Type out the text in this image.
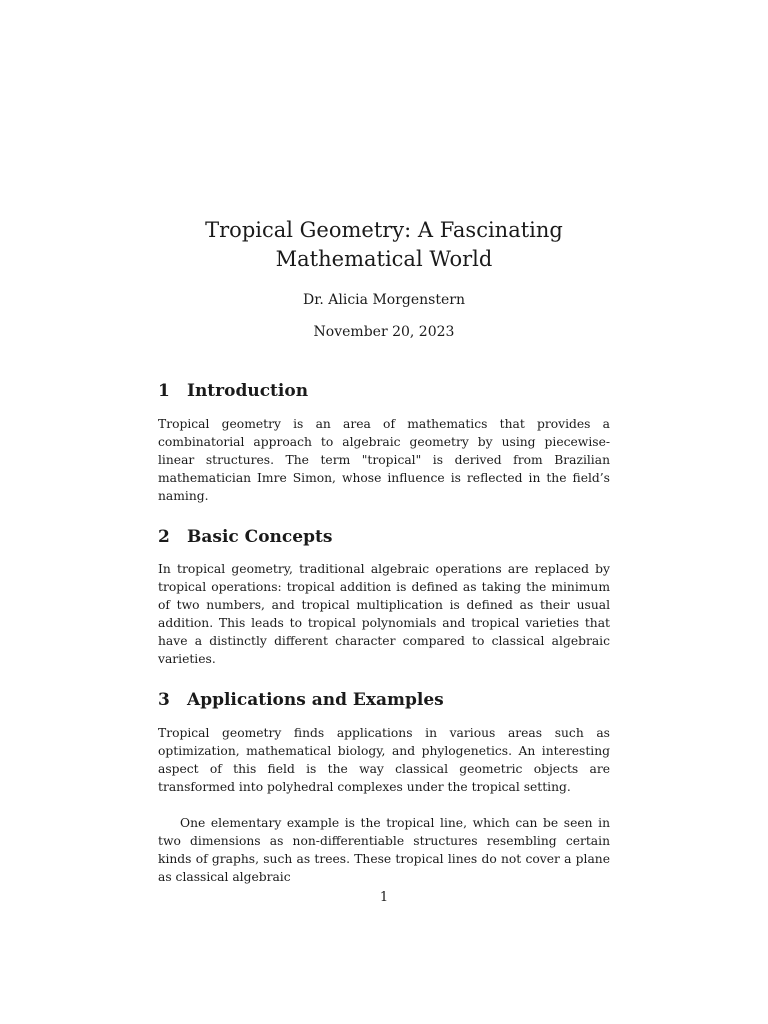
Tropical Geometry: A Fascinating Mathematical World
Dr. Alicia Morgenstern
November 20, 2023
1 Introduction

Tropical geometry is an area of mathematics that provides a combinatorial approach to algebraic geometry by using piecewise-linear structures. The term "tropical" is derived from Brazilian mathematician Imre Simon, whose influence is reflected in the field’s naming.

2 Basic Concepts

In tropical geometry, traditional algebraic operations are replaced by tropical operations: tropical addition is defined as taking the minimum of two numbers, and tropical multiplication is defined as their usual addition. This leads to tropical polynomials and tropical varieties that have a distinctly different character compared to classical algebraic varieties.

3 Applications and Examples

Tropical geometry finds applications in various areas such as optimization, mathematical biology, and phylogenetics. An interesting aspect of this field is the way classical geometric objects are transformed into polyhedral complexes under the tropical setting.

One elementary example is the tropical line, which can be seen in two dimensions as non-differentiable structures resembling certain kinds of graphs, such as trees. These tropical lines do not cover a plane as classical algebraic

1
